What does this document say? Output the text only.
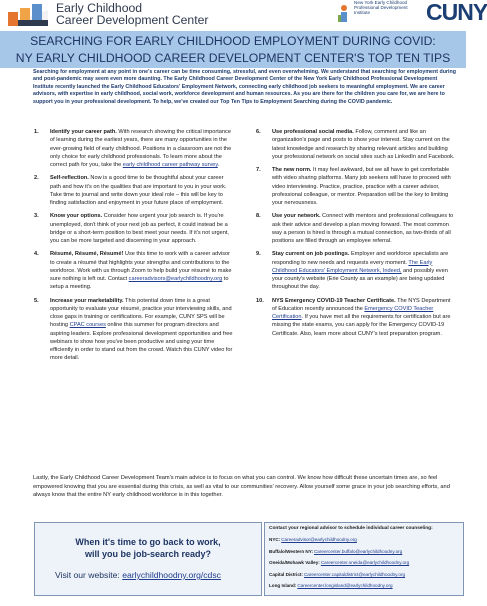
Early Childhood
Career Development Center
New York Early Childhood Professional Development Institute	CUNY
SEARCHING FOR EARLY CHILDHOOD EMPLOYMENT DURING COVID:
NY EARLY CHILDHOOD CAREER DEVELOPMENT CENTER'S TOP TEN TIPS
Searching for employment at any point in one's career can be time consuming, stressful, and even overwhelming. We understand that searching for employment during and post-pandemic may seem even more daunting. The Early Childhood Career Development Center of the New York Early Childhood Professional Development Institute recently launched the Early Childhood Educators' Employment Network, connecting early childhood job seekers to meaningful employment. We are career advisors, with expertise in early childhood, social work, workforce development and human resources. As you are there for the children you care for, we are here to support you in your professional development. To help, we've created our Top Ten Tips to Employment Searching during the COVID pandemic.
1. Identify your career path. With research showing the critical importance of learning during the earliest years, there are many opportunities in the ever-growing field of early childhood. Positions in a classroom are not the only choice for early childhood professionals. To learn more about the correct path for you, take the early childhood career pathway survey.
2. Self-reflection. Now is a good time to be thoughtful about your career path and how it's on the qualities that are important to you in your work. Take time to journal and write down your ideal role – this will be key to finding satisfaction and enjoyment in your future place of employment.
3. Know your options. Consider how urgent your job search is. If you're unemployed, don't think of your next job as perfect, it could instead be a bridge or a short-term position to best meet your needs. If it's not urgent, you can be more targeted and discerning in your approach.
4. Résumé, Résumé, Résumé! Use this time to work with a career advisor to create a résumé that highlights your strengths and contributions to the workforce. Work with us through Zoom to help build your résumé to make sure nothing is left out. Contact careeradvisors@earlychildhoodny.org to setup a meeting.
5. Increase your marketability. This potential down time is a great opportunity to evaluate your résumé, practice your interviewing skills, and close gaps in training or certifications. For example, CUNY SPS will be hosting CPAC courses online this summer for program directors and aspiring leaders. Explore professional development opportunities and free webinars to show how you've been productive and using your time efficiently in order to stand out from the crowd. Watch this CUNY video for more detail.
6. Use professional social media. Follow, comment and like an organization's page and posts to show your interest. Stay current on the latest knowledge and research by sharing relevant articles and building your professional network on social sites such as LinkedIn and Facebook.
7. The new norm. It may feel awkward, but we all have to get comfortable with video sharing platforms. Many job seekers will have to proceed with video interviewing. Practice, practice, practice with a career advisor, professional colleague, or mentor. Preparation will be the key to limiting your nervousness.
8. Use your network. Connect with mentors and professional colleagues to ask their advice and develop a plan moving forward. The most common way a person is hired is through a mutual connection, as two-thirds of all positions are filled through an employee referral.
9. Stay current on job postings. Employer and workforce specialists are responding to new needs and requests every moment. The Early Childhood Educators' Employment Network, Indeed, and possibly even your county's website (Erie County as an example) are being updated throughout the day.
10. NYS Emergency COVID-19 Teacher Certificate. The NYS Department of Education recently announced the Emergency COVID Teacher Certification. If you have met all the requirements for certification but are missing the state exams, you can apply for the Emergency COVID-19 Certificate. Also, learn more about CUNY's test preparation program.
Lastly, the Early Childhood Career Development Team's main advice is to focus on what you can control. We know how difficult these uncertain times are, so feel empowered knowing that you are essential during this crisis, as well as vital to our communities' recovery. Allow yourself some grace in your job searching efforts, and always know that the entire NY early childhood workforce is in this together.
When it's time to go back to work,
will you be job-search ready?
Visit our website: earlychildhoodny.org/cdsc
Contact your regional advisor to schedule individual career counseling:
NYC:Careeradvisor@earlychildhoodny.org
Buffalo/Western NY:Careercenter.buffalo@earlychildhoodny.org
Oneida/Mohawk Valley:Careercenter.oneida@earlychildhoodny.org
Capital District:Careercenter.capitaldistrict@earlychildhoodny.org
Long Island:Careercenter.longisland@earlychildhoodny.org
